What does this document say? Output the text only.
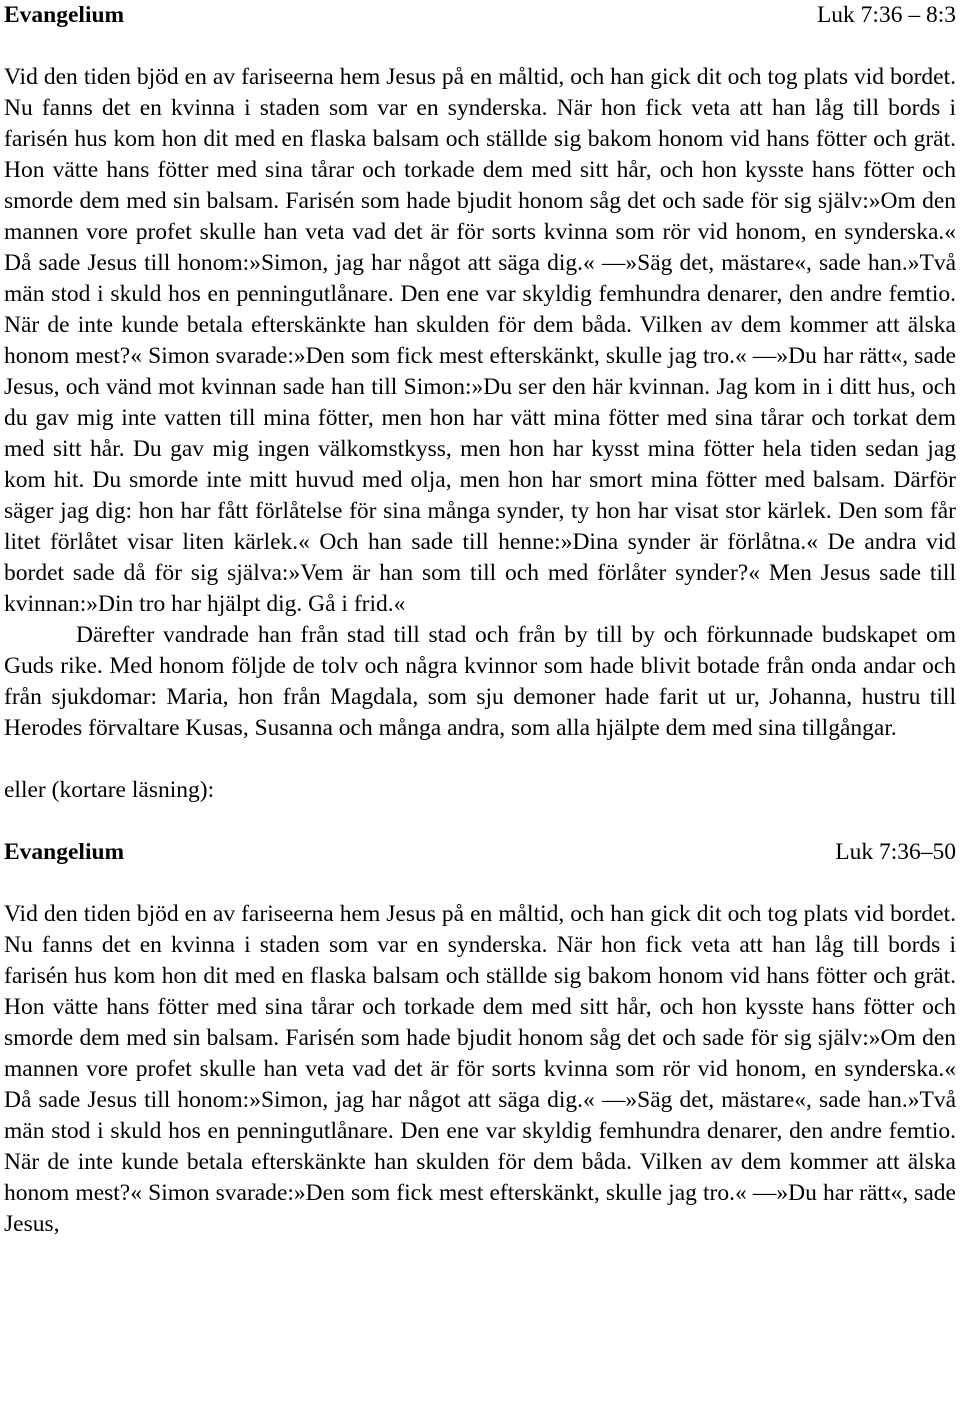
Evangelium	Luk 7:36 – 8:3

Vid den tiden bjöd en av fariseerna hem Jesus på en måltid, och han gick dit och tog plats vid bordet. Nu fanns det en kvinna i staden som var en synderska. När hon fick veta att han låg till bords i farisén hus kom hon dit med en flaska balsam och ställde sig bakom honom vid hans fötter och grät. Hon vätte hans fötter med sina tårar och torkade dem med sitt hår, och hon kysste hans fötter och smorde dem med sin balsam. Farisén som hade bjudit honom såg det och sade för sig själv:»Om den mannen vore profet skulle han veta vad det är för sorts kvinna som rör vid honom, en synderska.« Då sade Jesus till honom:»Simon, jag har något att säga dig.« —»Säg det, mästare«, sade han.»Två män stod i skuld hos en penningutlånare. Den ene var skyldig femhundra denarer, den andre femtio. När de inte kunde betala efterskänkte han skulden för dem båda. Vilken av dem kommer att älska honom mest?« Simon svarade:»Den som fick mest efterskänkt, skulle jag tro.« —»Du har rätt«, sade Jesus, och vänd mot kvinnan sade han till Simon:»Du ser den här kvinnan. Jag kom in i ditt hus, och du gav mig inte vatten till mina fötter, men hon har vätt mina fötter med sina tårar och torkat dem med sitt hår. Du gav mig ingen välkomstkyss, men hon har kysst mina fötter hela tiden sedan jag kom hit. Du smorde inte mitt huvud med olja, men hon har smort mina fötter med balsam. Därför säger jag dig: hon har fått förlåtelse för sina många synder, ty hon har visat stor kärlek. Den som får litet förlåtet visar liten kärlek.« Och han sade till henne:»Dina synder är förlåtna.« De andra vid bordet sade då för sig själva:»Vem är han som till och med förlåter synder?« Men Jesus sade till kvinnan:»Din tro har hjälpt dig. Gå i frid.«

Därefter vandrade han från stad till stad och från by till by och förkunnade budskapet om Guds rike. Med honom följde de tolv och några kvinnor som hade blivit botade från onda andar och från sjukdomar: Maria, hon från Magdala, som sju demoner hade farit ut ur, Johanna, hustru till Herodes förvaltare Kusas, Susanna och många andra, som alla hjälpte dem med sina tillgångar.

eller (kortare läsning):

Evangelium	Luk 7:36–50

Vid den tiden bjöd en av fariseerna hem Jesus på en måltid, och han gick dit och tog plats vid bordet. Nu fanns det en kvinna i staden som var en synderska. När hon fick veta att han låg till bords i farisén hus kom hon dit med en flaska balsam och ställde sig bakom honom vid hans fötter och grät. Hon vätte hans fötter med sina tårar och torkade dem med sitt hår, och hon kysste hans fötter och smorde dem med sin balsam. Farisén som hade bjudit honom såg det och sade för sig själv:»Om den mannen vore profet skulle han veta vad det är för sorts kvinna som rör vid honom, en synderska.« Då sade Jesus till honom:»Simon, jag har något att säga dig.« —»Säg det, mästare«, sade han.»Två män stod i skuld hos en penningutlånare. Den ene var skyldig femhundra denarer, den andre femtio. När de inte kunde betala efterskänkte han skulden för dem båda. Vilken av dem kommer att älska honom mest?« Simon svarade:»Den som fick mest efterskänkt, skulle jag tro.« —»Du har rätt«, sade Jesus,
